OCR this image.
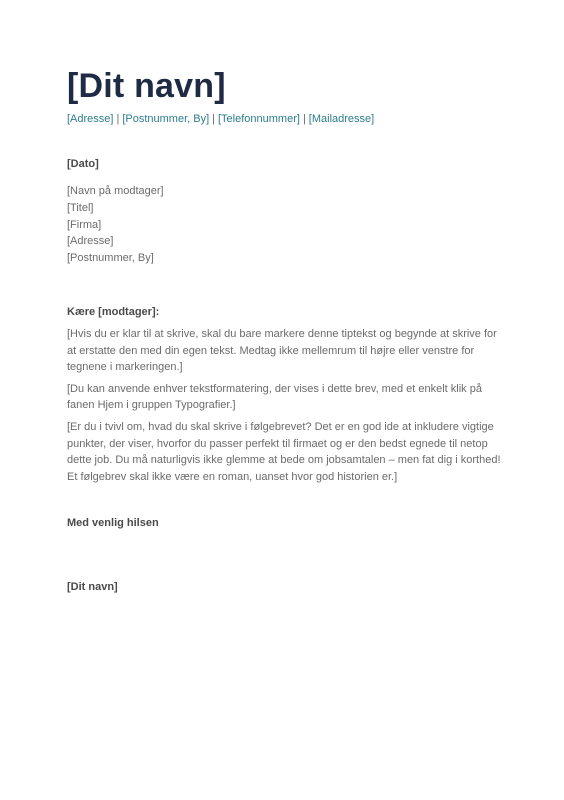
[Dit navn]
[Adresse] | [Postnummer, By] | [Telefonnummer] | [Mailadresse]
[Dato]
[Navn på modtager]
[Titel]
[Firma]
[Adresse]
[Postnummer, By]
Kære [modtager]:

[Hvis du er klar til at skrive, skal du bare markere denne tiptekst og begynde at skrive for at erstatte den med din egen tekst. Medtag ikke mellemrum til højre eller venstre for tegnene i markeringen.]

[Du kan anvende enhver tekstformatering, der vises i dette brev, med et enkelt klik på fanen Hjem i gruppen Typografier.]

[Er du i tvivl om, hvad du skal skrive i følgebrevet? Det er en god ide at inkludere vigtige punkter, der viser, hvorfor du passer perfekt til firmaet og er den bedst egnede til netop dette job. Du må naturligvis ikke glemme at bede om jobsamtalen – men fat dig i korthed! Et følgebrev skal ikke være en roman, uanset hvor god historien er.]

Med venlig hilsen
[Dit navn]
